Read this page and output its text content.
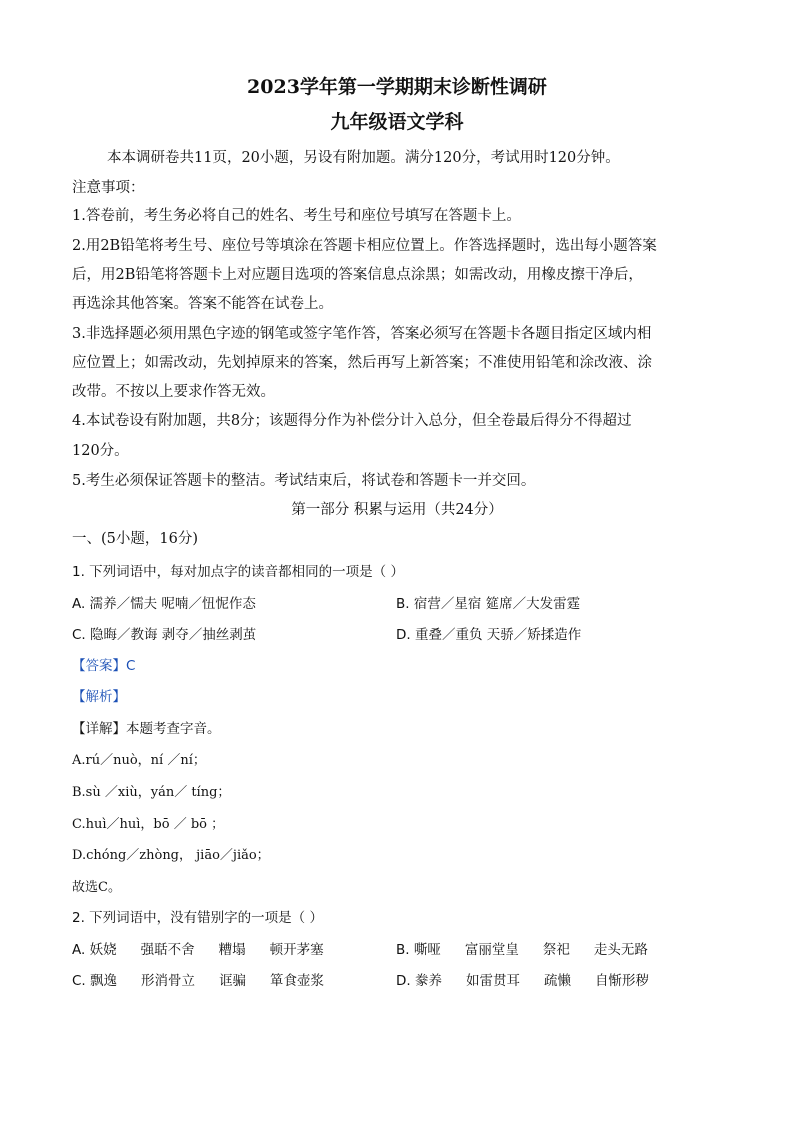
2023学年第一学期期末诊断性调研
九年级语文学科
本本调研卷共11页，20小题，另设有附加题。满分120分，考试用时120分钟。
注意事项：
1.答卷前，考生务必将自己的姓名、考生号和座位号填写在答题卡上。
2.用2B铅笔将考生号、座位号等填涂在答题卡相应位置上。作答选择题时，选出每小题答案
后，用2B铅笔将答题卡上对应题目选项的答案信息点涂黑；如需改动，用橡皮擦干净后，
再选涂其他答案。答案不能答在试卷上。
3.非选择题必须用黑色字迹的钢笔或签字笔作答，答案必须写在答题卡各题目指定区域内相
应位置上；如需改动，先划掉原来的答案，然后再写上新答案；不准使用铅笔和涂改液、涂
改带。不按以上要求作答无效。
4.本试卷设有附加题，共8分；该题得分作为补偿分计入总分，但全卷最后得分不得超过
120分。
5.考生必须保证答题卡的整洁。考试结束后，将试卷和答题卡一并交回。
第一部分 积累与运用（共24分）
一、(5小题，16分)
1. 下列词语中，每对加点字的读音都相同的一项是（ ）
A. 濡养／懦夫 呢喃／忸怩作态	B. 宿营／星宿 筵席／大发雷霆
C. 隐晦／教诲 剥夺／抽丝剥茧	D. 重叠／重负 天骄／矫揉造作
【答案】C
【解析】
【详解】本题考查字音。
A.rú／nuò，ní ／ní；
B.sù ／xiù，yán／ tíng；
C.huì／huì，bō ／ bō ；
D.chóng／zhòng， jiāo／jiǎo；
故选C。
2. 下列词语中，没有错别字的一项是（ ）
A. 妖娆 强聒不舍 糟塌 顿开茅塞	B. 嘶哑 富丽堂皇 祭祀 走头无路
C. 飘逸 形消骨立 诓骗 箪食壶浆	D. 豢养 如雷贯耳 疏懒 自惭形秽
